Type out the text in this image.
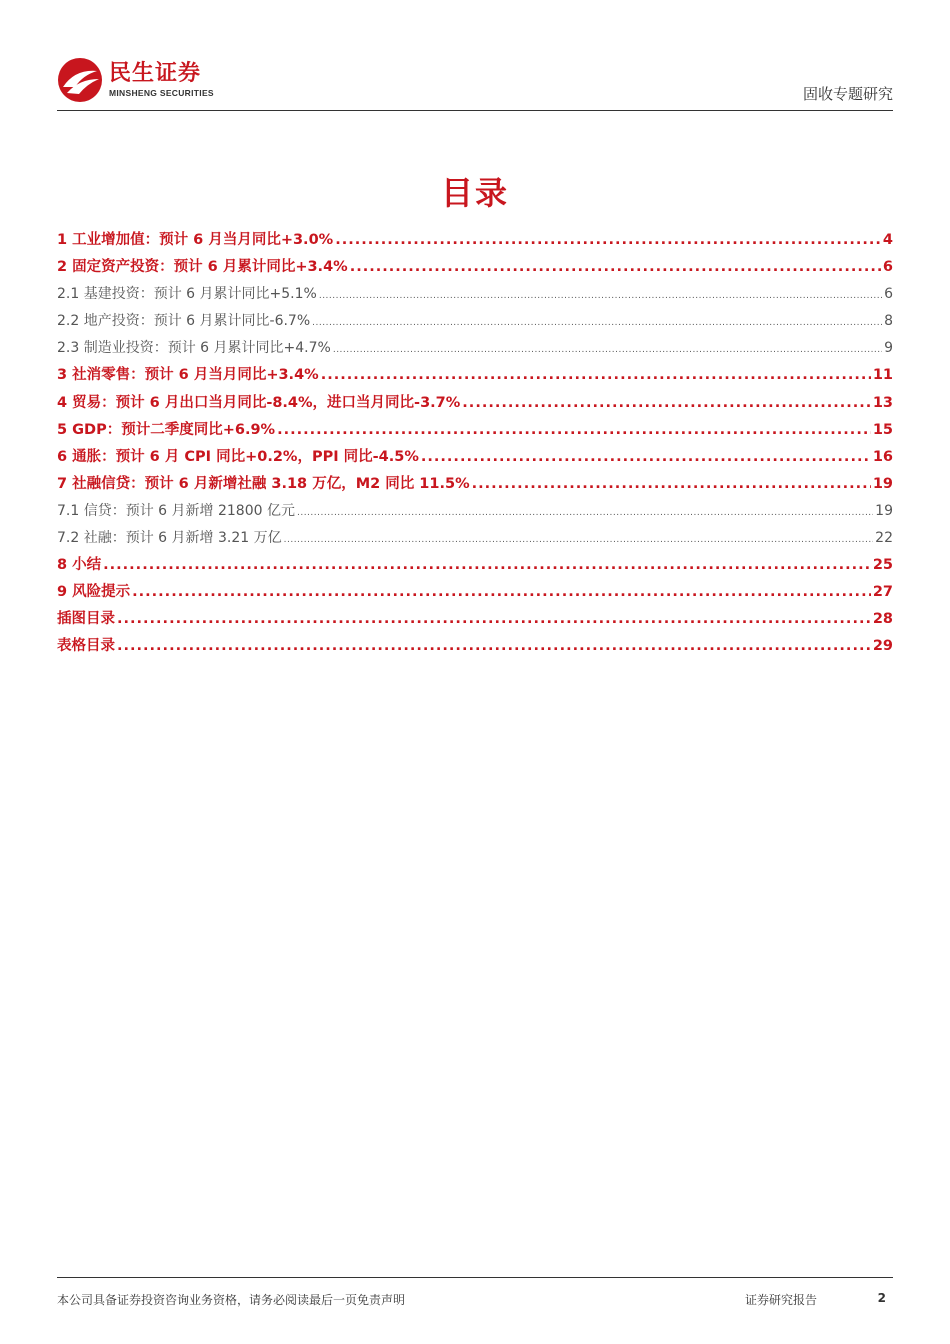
民生证券
MINSHENG SECURITIES	固收专题研究
目录
1 工业增加值：预计 6 月当月同比+3.0% .....	4
2 固定资产投资：预计 6 月累计同比+3.4% .....	6
2.1 基建投资：预计 6 月累计同比+5.1% .....	6
2.2 地产投资：预计 6 月累计同比-6.7% .....	8
2.3 制造业投资：预计 6 月累计同比+4.7% .....	9
3 社消零售：预计 6 月当月同比+3.4% .....	11
4 贸易：预计 6 月出口当月同比-8.4%，进口当月同比-3.7% .....	13
5 GDP：预计二季度同比+6.9% .....	15
6 通胀：预计 6 月 CPI 同比+0.2%，PPI 同比-4.5% .....	16
7 社融信贷：预计 6 月新增社融 3.18 万亿，M2 同比 11.5% .....	19
7.1 信贷：预计 6 月新增 21800 亿元 .....	19
7.2 社融：预计 6 月新增 3.21 万亿 .....	22
8 小结 .....	25
9 风险提示 .....	27
插图目录 .....	28
表格目录 .....	29
本公司具备证券投资咨询业务资格，请务必阅读最后一页免责声明	证券研究报告	2
